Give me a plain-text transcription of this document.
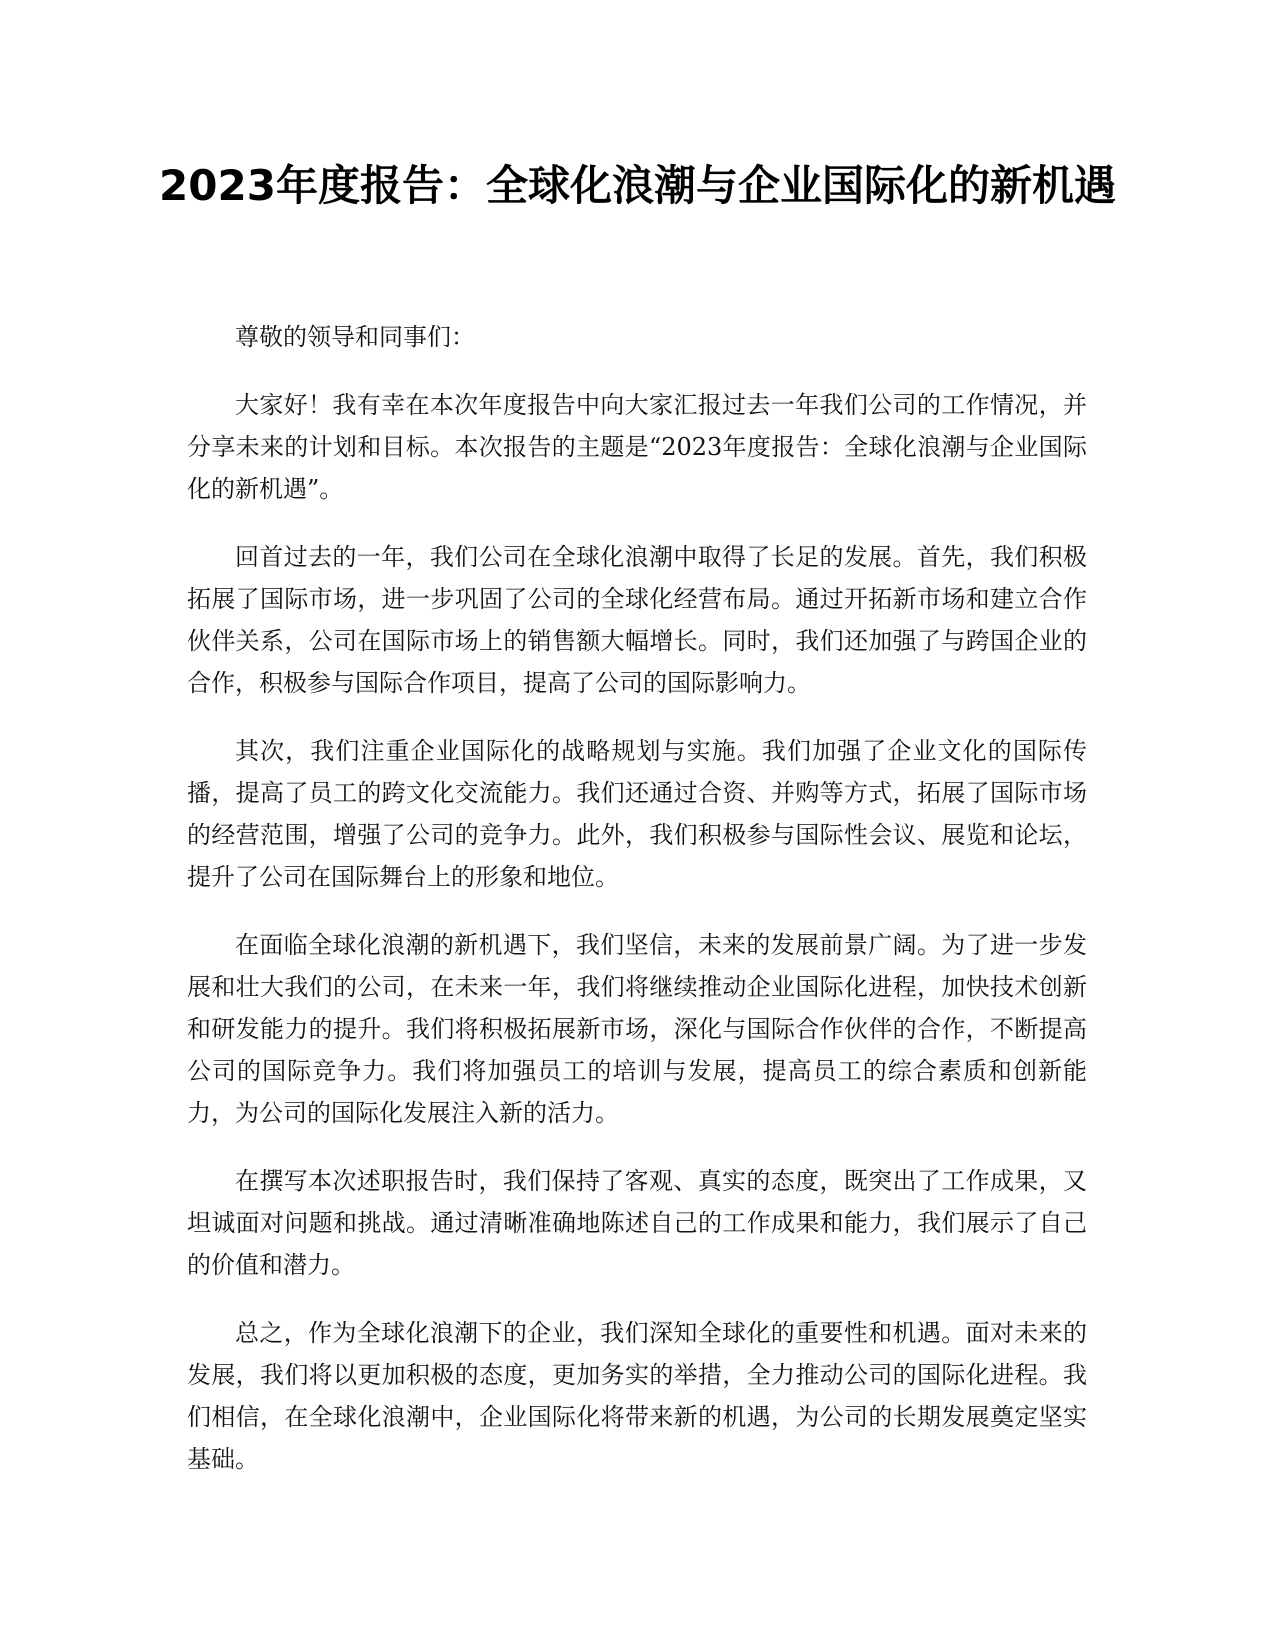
2023年度报告：全球化浪潮与企业国际化的新机遇

尊敬的领导和同事们：

大家好！我有幸在本次年度报告中向大家汇报过去一年我们公司的工作情况，并分享未来的计划和目标。本次报告的主题是“2023年度报告：全球化浪潮与企业国际化的新机遇”。

回首过去的一年，我们公司在全球化浪潮中取得了长足的发展。首先，我们积极拓展了国际市场，进一步巩固了公司的全球化经营布局。通过开拓新市场和建立合作伙伴关系，公司在国际市场上的销售额大幅增长。同时，我们还加强了与跨国企业的合作，积极参与国际合作项目，提高了公司的国际影响力。

其次，我们注重企业国际化的战略规划与实施。我们加强了企业文化的国际传播，提高了员工的跨文化交流能力。我们还通过合资、并购等方式，拓展了国际市场的经营范围，增强了公司的竞争力。此外，我们积极参与国际性会议、展览和论坛，提升了公司在国际舞台上的形象和地位。

在面临全球化浪潮的新机遇下，我们坚信，未来的发展前景广阔。为了进一步发展和壮大我们的公司，在未来一年，我们将继续推动企业国际化进程，加快技术创新和研发能力的提升。我们将积极拓展新市场，深化与国际合作伙伴的合作，不断提高公司的国际竞争力。我们将加强员工的培训与发展，提高员工的综合素质和创新能力，为公司的国际化发展注入新的活力。

在撰写本次述职报告时，我们保持了客观、真实的态度，既突出了工作成果，又坦诚面对问题和挑战。通过清晰准确地陈述自己的工作成果和能力，我们展示了自己的价值和潜力。

总之，作为全球化浪潮下的企业，我们深知全球化的重要性和机遇。面对未来的发展，我们将以更加积极的态度，更加务实的举措，全力推动公司的国际化进程。我们相信，在全球化浪潮中，企业国际化将带来新的机遇，为公司的长期发展奠定坚实基础。
